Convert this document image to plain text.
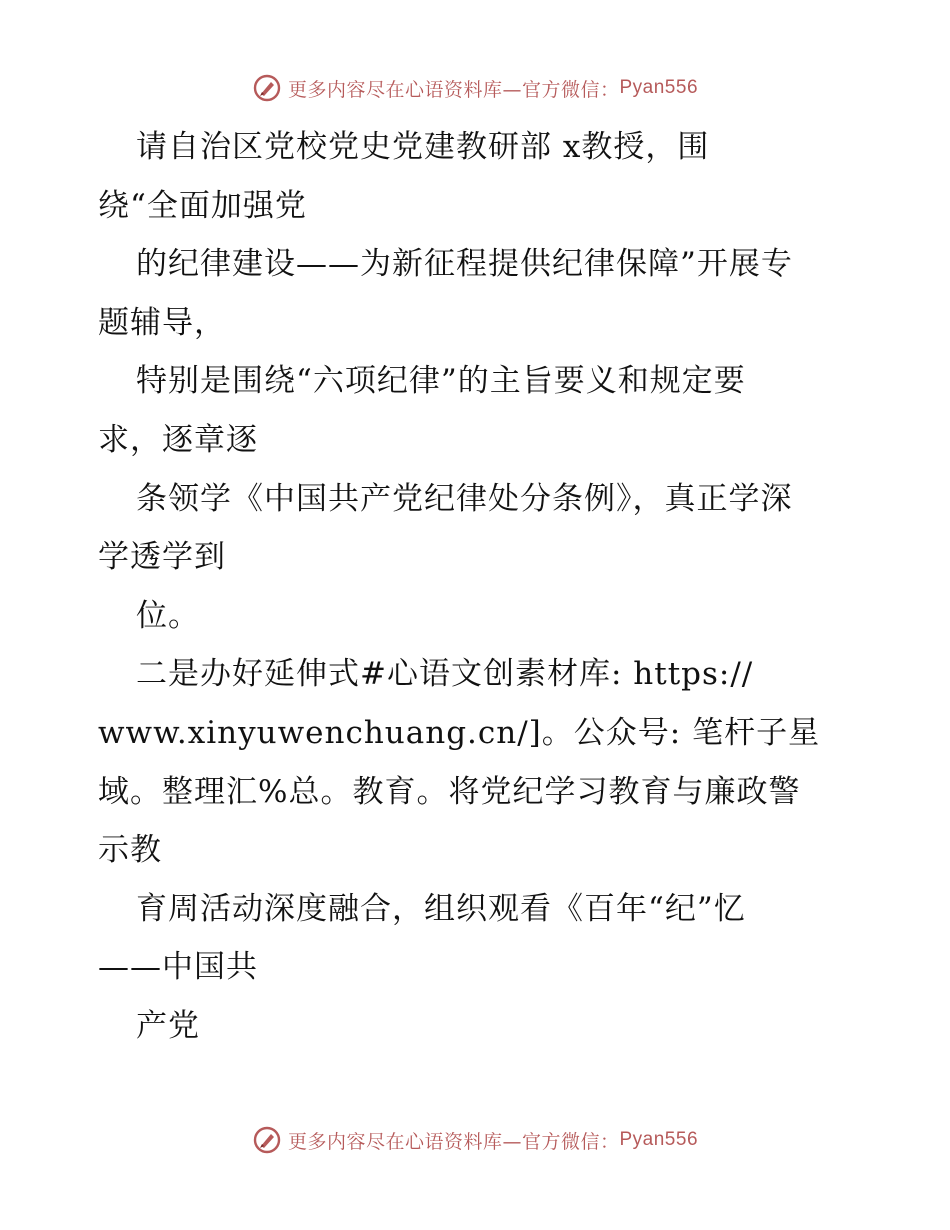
更多内容尽在心语资料库—官方微信： Pyan556
请自治区党校党史党建教研部 x教授，围
绕“全面加强党
的纪律建设——为新征程提供纪律保障”开展专
题辅导，
特别是围绕“六项纪律”的主旨要义和规定要
求，逐章逐
条领学《中国共产党纪律处分条例》，真正学深
学透学到
位。
二是办好延伸式#心语文创素材库: https://
www.xinyuwenchuang.cn/]。公众号: 笔杆子星
域。整理汇%总。教育。将党纪学习教育与廉政警
示教
育周活动深度融合，组织观看《百年“纪”忆
——中国共
产党
更多内容尽在心语资料库—官方微信： Pyan556
